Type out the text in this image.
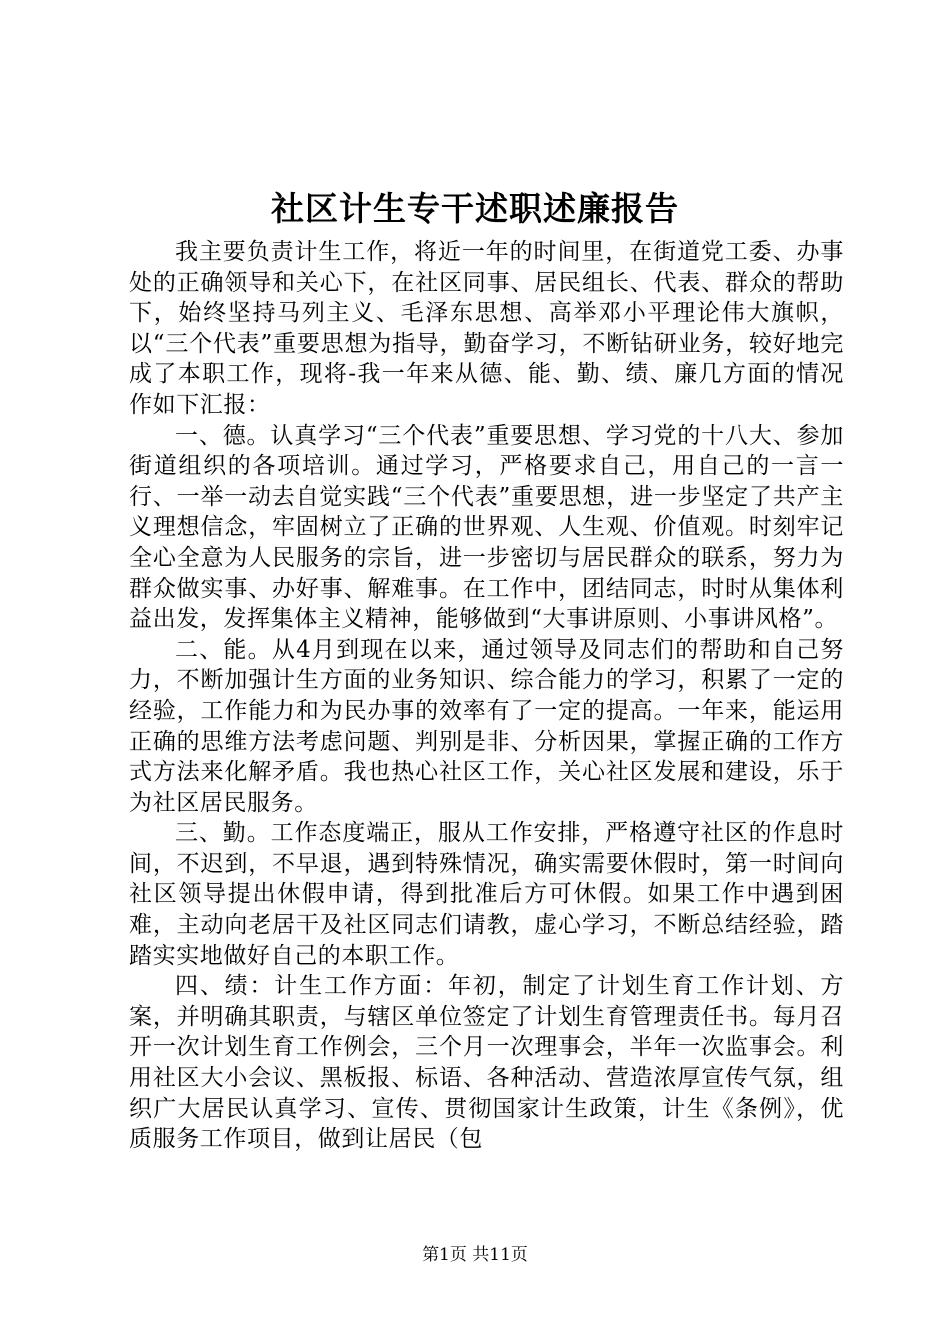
社区计生专干述职述廉报告

我主要负责计生工作，将近一年的时间里，在街道党工委、办事处的正确领导和关心下，在社区同事、居民组长、代表、群众的帮助下，始终坚持马列主义、毛泽东思想、高举邓小平理论伟大旗帜，以“三个代表”重要思想为指导，勤奋学习，不断钻研业务，较好地完成了本职工作，现将-我一年来从德、能、勤、绩、廉几方面的情况作如下汇报：

一、德。认真学习“三个代表”重要思想、学习党的十八大、参加街道组织的各项培训。通过学习，严格要求自己，用自己的一言一行、一举一动去自觉实践“三个代表”重要思想，进一步坚定了共产主义理想信念，牢固树立了正确的世界观、人生观、价值观。时刻牢记全心全意为人民服务的宗旨，进一步密切与居民群众的联系，努力为群众做实事、办好事、解难事。在工作中，团结同志，时时从集体利益出发，发挥集体主义精神，能够做到“大事讲原则、小事讲风格”。

二、能。从4月到现在以来，通过领导及同志们的帮助和自己努力，不断加强计生方面的业务知识、综合能力的学习，积累了一定的经验，工作能力和为民办事的效率有了一定的提高。一年来，能运用正确的思维方法考虑问题、判别是非、分析因果，掌握正确的工作方式方法来化解矛盾。我也热心社区工作，关心社区发展和建设，乐于为社区居民服务。

三、勤。工作态度端正，服从工作安排，严格遵守社区的作息时间，不迟到，不早退，遇到特殊情况，确实需要休假时，第一时间向社区领导提出休假申请，得到批准后方可休假。如果工作中遇到困难，主动向老居干及社区同志们请教，虚心学习，不断总结经验，踏踏实实地做好自己的本职工作。

四、绩：计生工作方面：年初，制定了计划生育工作计划、方案，并明确其职责，与辖区单位签定了计划生育管理责任书。每月召开一次计划生育工作例会，三个月一次理事会，半年一次监事会。利用社区大小会议、黑板报、标语、各种活动、营造浓厚宣传气氛，组织广大居民认真学习、宣传、贯彻国家计生政策，计生《条例》，优质服务工作项目，做到让居民（包

第1页 共11页
